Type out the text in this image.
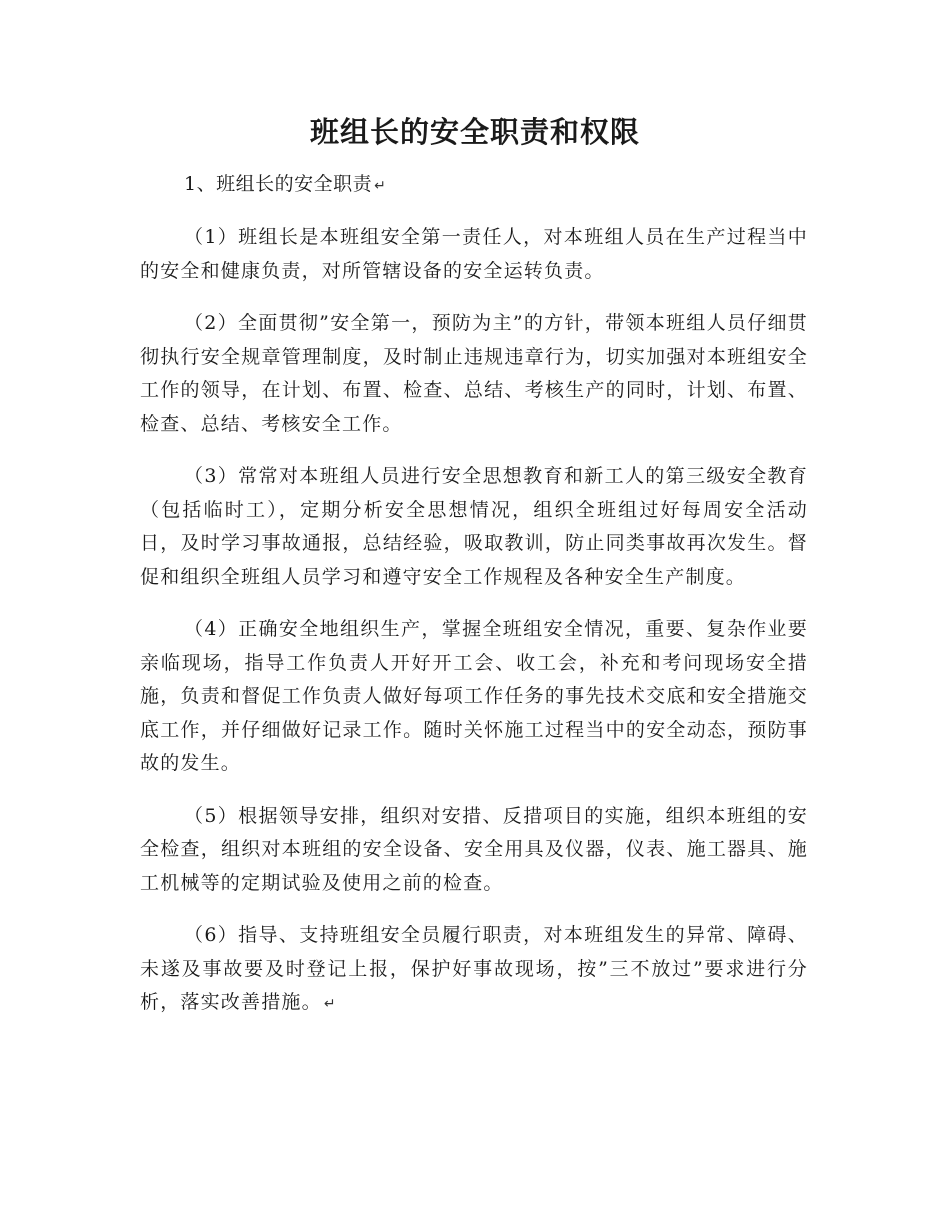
班组长的安全职责和权限
1、班组长的安全职责 ↵

（1）班组长是本班组安全第一责任人，对本班组人员在生产过程当中的安全和健康负责，对所管辖设备的安全运转负责。

（2）全面贯彻”安全第一，预防为主”的方针，带领本班组人员仔细贯彻执行安全规章管理制度，及时制止违规违章行为，切实加强对本班组安全工作的领导，在计划、布置、检查、总结、考核生产的同时，计划、布置、检查、总结、考核安全工作。

（3）常常对本班组人员进行安全思想教育和新工人的第三级安全教育（包括临时工），定期分析安全思想情况，组织全班组过好每周安全活动日，及时学习事故通报，总结经验，吸取教训，防止同类事故再次发生。督促和组织全班组人员学习和遵守安全工作规程及各种安全生产制度。

（4）正确安全地组织生产，掌握全班组安全情况，重要、复杂作业要亲临现场，指导工作负责人开好开工会、收工会，补充和考问现场安全措施，负责和督促工作负责人做好每项工作任务的事先技术交底和安全措施交底工作，并仔细做好记录工作。随时关怀施工过程当中的安全动态，预防事故的发生。

（5）根据领导安排，组织对安措、反措项目的实施，组织本班组的安全检查，组织对本班组的安全设备、安全用具及仪器，仪表、施工器具、施工机械等的定期试验及使用之前的检查。

（6）指导、支持班组安全员履行职责，对本班组发生的异常、障碍、未遂及事故要及时登记上报，保护好事故现场，按”三不放过”要求进行分析，落实改善措施。 ↵
